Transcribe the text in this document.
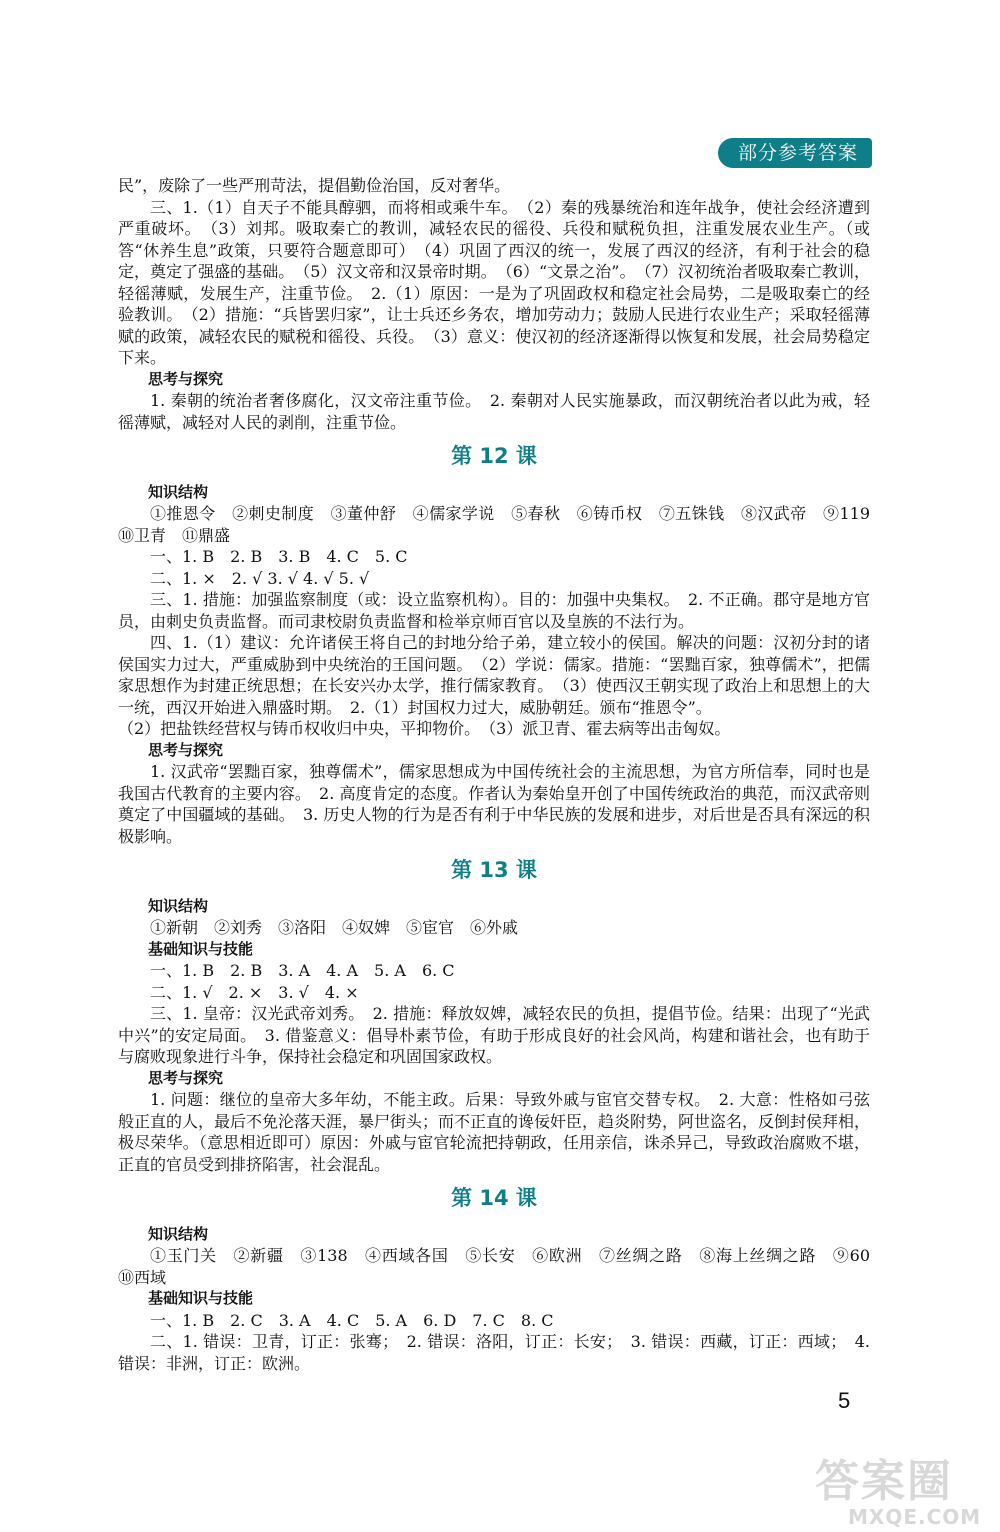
部分参考答案

民”，废除了一些严刑苛法，提倡勤俭治国，反对奢华。

三、1.（1）自天子不能具醇驷，而将相或乘牛车。　（2）秦的残暴统治和连年战争，使社会经济遭到严重破坏。　（3）刘邦。吸取秦亡的教训，减轻农民的徭役、兵役和赋税负担，注重发展农业生产。（或答“休养生息”政策，只要符合题意即可）　（4）巩固了西汉的统一，发展了西汉的经济，有利于社会的稳定，奠定了强盛的基础。　（5）汉文帝和汉景帝时期。　（6）“文景之治”。　（7）汉初统治者吸取秦亡教训，轻徭薄赋，发展生产，注重节俭。　2.（1）原因：一是为了巩固政权和稳定社会局势，二是吸取秦亡的经验教训。　（2）措施：“兵皆罢归家”，让士兵还乡务农，增加劳动力；鼓励人民进行农业生产；采取轻徭薄赋的政策，减轻农民的赋税和徭役、兵役。　（3）意义：使汉初的经济逐渐得以恢复和发展，社会局势稳定下来。

思考与探究

1. 秦朝的统治者奢侈腐化，汉文帝注重节俭。　2. 秦朝对人民实施暴政，而汉朝统治者以此为戒，轻徭薄赋，减轻对人民的剥削，注重节俭。

第 12 课

知识结构

①推恩令　②刺史制度　③董仲舒　④儒家学说　⑤春秋　⑥铸币权　⑦五铢钱　⑧汉武帝　⑨119　⑩卫青　⑪鼎盛

一、1. B　2. B　3. B　4. C　5. C

二、1. ×　2. √ 3. √ 4. √ 5. √

三、1. 措施：加强监察制度（或：设立监察机构）。目的：加强中央集权。　2. 不正确。郡守是地方官员，由刺史负责监督。而司隶校尉负责监督和检举京师百官以及皇族的不法行为。

四、1.（1）建议：允许诸侯王将自己的封地分给子弟，建立较小的侯国。解决的问题：汉初分封的诸侯国实力过大，严重威胁到中央统治的王国问题。　（2）学说：儒家。措施：“罢黜百家，独尊儒术”，把儒家思想作为封建正统思想；在长安兴办太学，推行儒家教育。　（3）使西汉王朝实现了政治上和思想上的大一统，西汉开始进入鼎盛时期。　2.（1）封国权力过大，威胁朝廷。颁布“推恩令”。

（2）把盐铁经营权与铸币权收归中央，平抑物价。　（3）派卫青、霍去病等出击匈奴。

思考与探究

1. 汉武帝“罢黜百家，独尊儒术”，儒家思想成为中国传统社会的主流思想，为官方所信奉，同时也是我国古代教育的主要内容。　2. 高度肯定的态度。作者认为秦始皇开创了中国传统政治的典范，而汉武帝则奠定了中国疆域的基础。　3. 历史人物的行为是否有利于中华民族的发展和进步，对后世是否具有深远的积极影响。

第 13 课

知识结构

①新朝　②刘秀　③洛阳　④奴婢　⑤宦官　⑥外戚

基础知识与技能

一、1. B　2. B　3. A　4. A　5. A　6. C

二、1. √　2. ×　3. √　4. ×

三、1. 皇帝：汉光武帝刘秀。　2. 措施：释放奴婢，减轻农民的负担，提倡节俭。结果：出现了“光武中兴”的安定局面。　3. 借鉴意义：倡导朴素节俭，有助于形成良好的社会风尚，构建和谐社会，也有助于与腐败现象进行斗争，保持社会稳定和巩固国家政权。

思考与探究

1. 问题：继位的皇帝大多年幼，不能主政。后果：导致外戚与宦官交替专权。　2. 大意：性格如弓弦般正直的人，最后不免沦落天涯，暴尸街头；而不正直的谗佞奸臣，趋炎附势，阿世盗名，反倒封侯拜相，极尽荣华。（意思相近即可）原因：外戚与宦官轮流把持朝政，任用亲信，诛杀异己，导致政治腐败不堪，正直的官员受到排挤陷害，社会混乱。

第 14 课

知识结构

①玉门关　②新疆　③138　④西域各国　⑤长安　⑥欧洲　⑦丝绸之路　⑧海上丝绸之路　⑨60　⑩西域

基础知识与技能

一、1. B　2. C　3. A　4. C　5. A　6. D　7. C　8. C

二、1. 错误：卫青，订正：张骞；　2. 错误：洛阳，订正：长安；　3. 错误：西藏，订正：西域；　4. 错误：非洲，订正：欧洲。

5
答案圈
MXQE.COM
